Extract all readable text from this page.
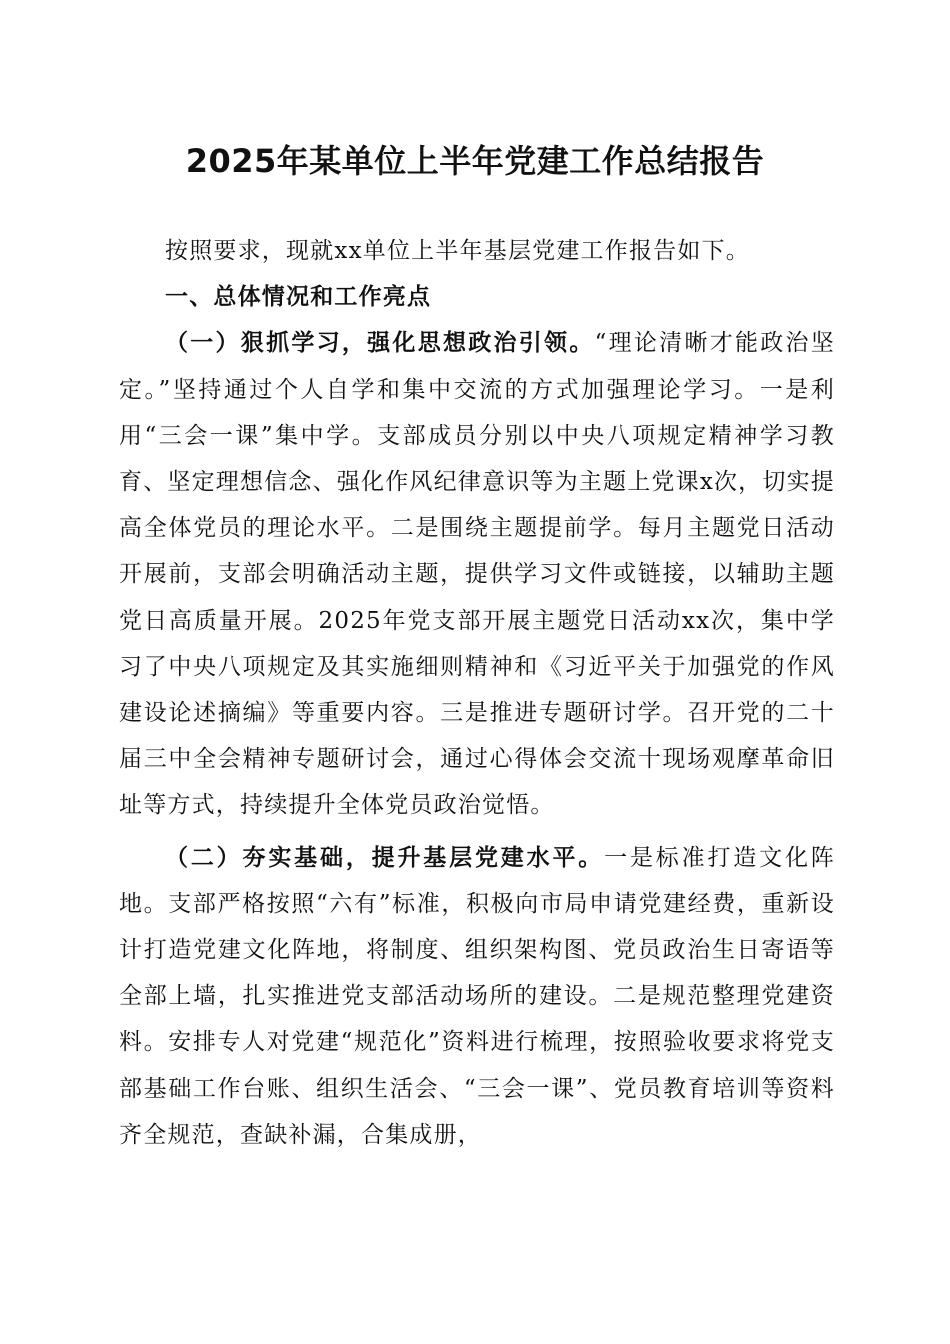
2025年某单位上半年党建工作总结报告

按照要求，现就xx单位上半年基层党建工作报告如下。

一、总体情况和工作亮点

（一）狠抓学习，强化思想政治引领。“理论清晰才能政治坚定。”坚持通过个人自学和集中交流的方式加强理论学习。一是利用“三会一课”集中学。支部成员分别以中央八项规定精神学习教育、坚定理想信念、强化作风纪律意识等为主题上党课x次，切实提高全体党员的理论水平。二是围绕主题提前学。每月主题党日活动开展前，支部会明确活动主题，提供学习文件或链接，以辅助主题党日高质量开展。2025年党支部开展主题党日活动xx次，集中学习了中央八项规定及其实施细则精神和《习近平关于加强党的作风建设论述摘编》等重要内容。三是推进专题研讨学。召开党的二十届三中全会精神专题研讨会，通过心得体会交流十现场观摩革命旧址等方式，持续提升全体党员政治觉悟。

（二）夯实基础，提升基层党建水平。一是标准打造文化阵地。支部严格按照“六有”标准，积极向市局申请党建经费，重新设计打造党建文化阵地，将制度、组织架构图、党员政治生日寄语等全部上墙，扎实推进党支部活动场所的建设。二是规范整理党建资料。安排专人对党建“规范化”资料进行梳理，按照验收要求将党支部基础工作台账、组织生活会、“三会一课”、党员教育培训等资料齐全规范，查缺补漏，合集成册，
